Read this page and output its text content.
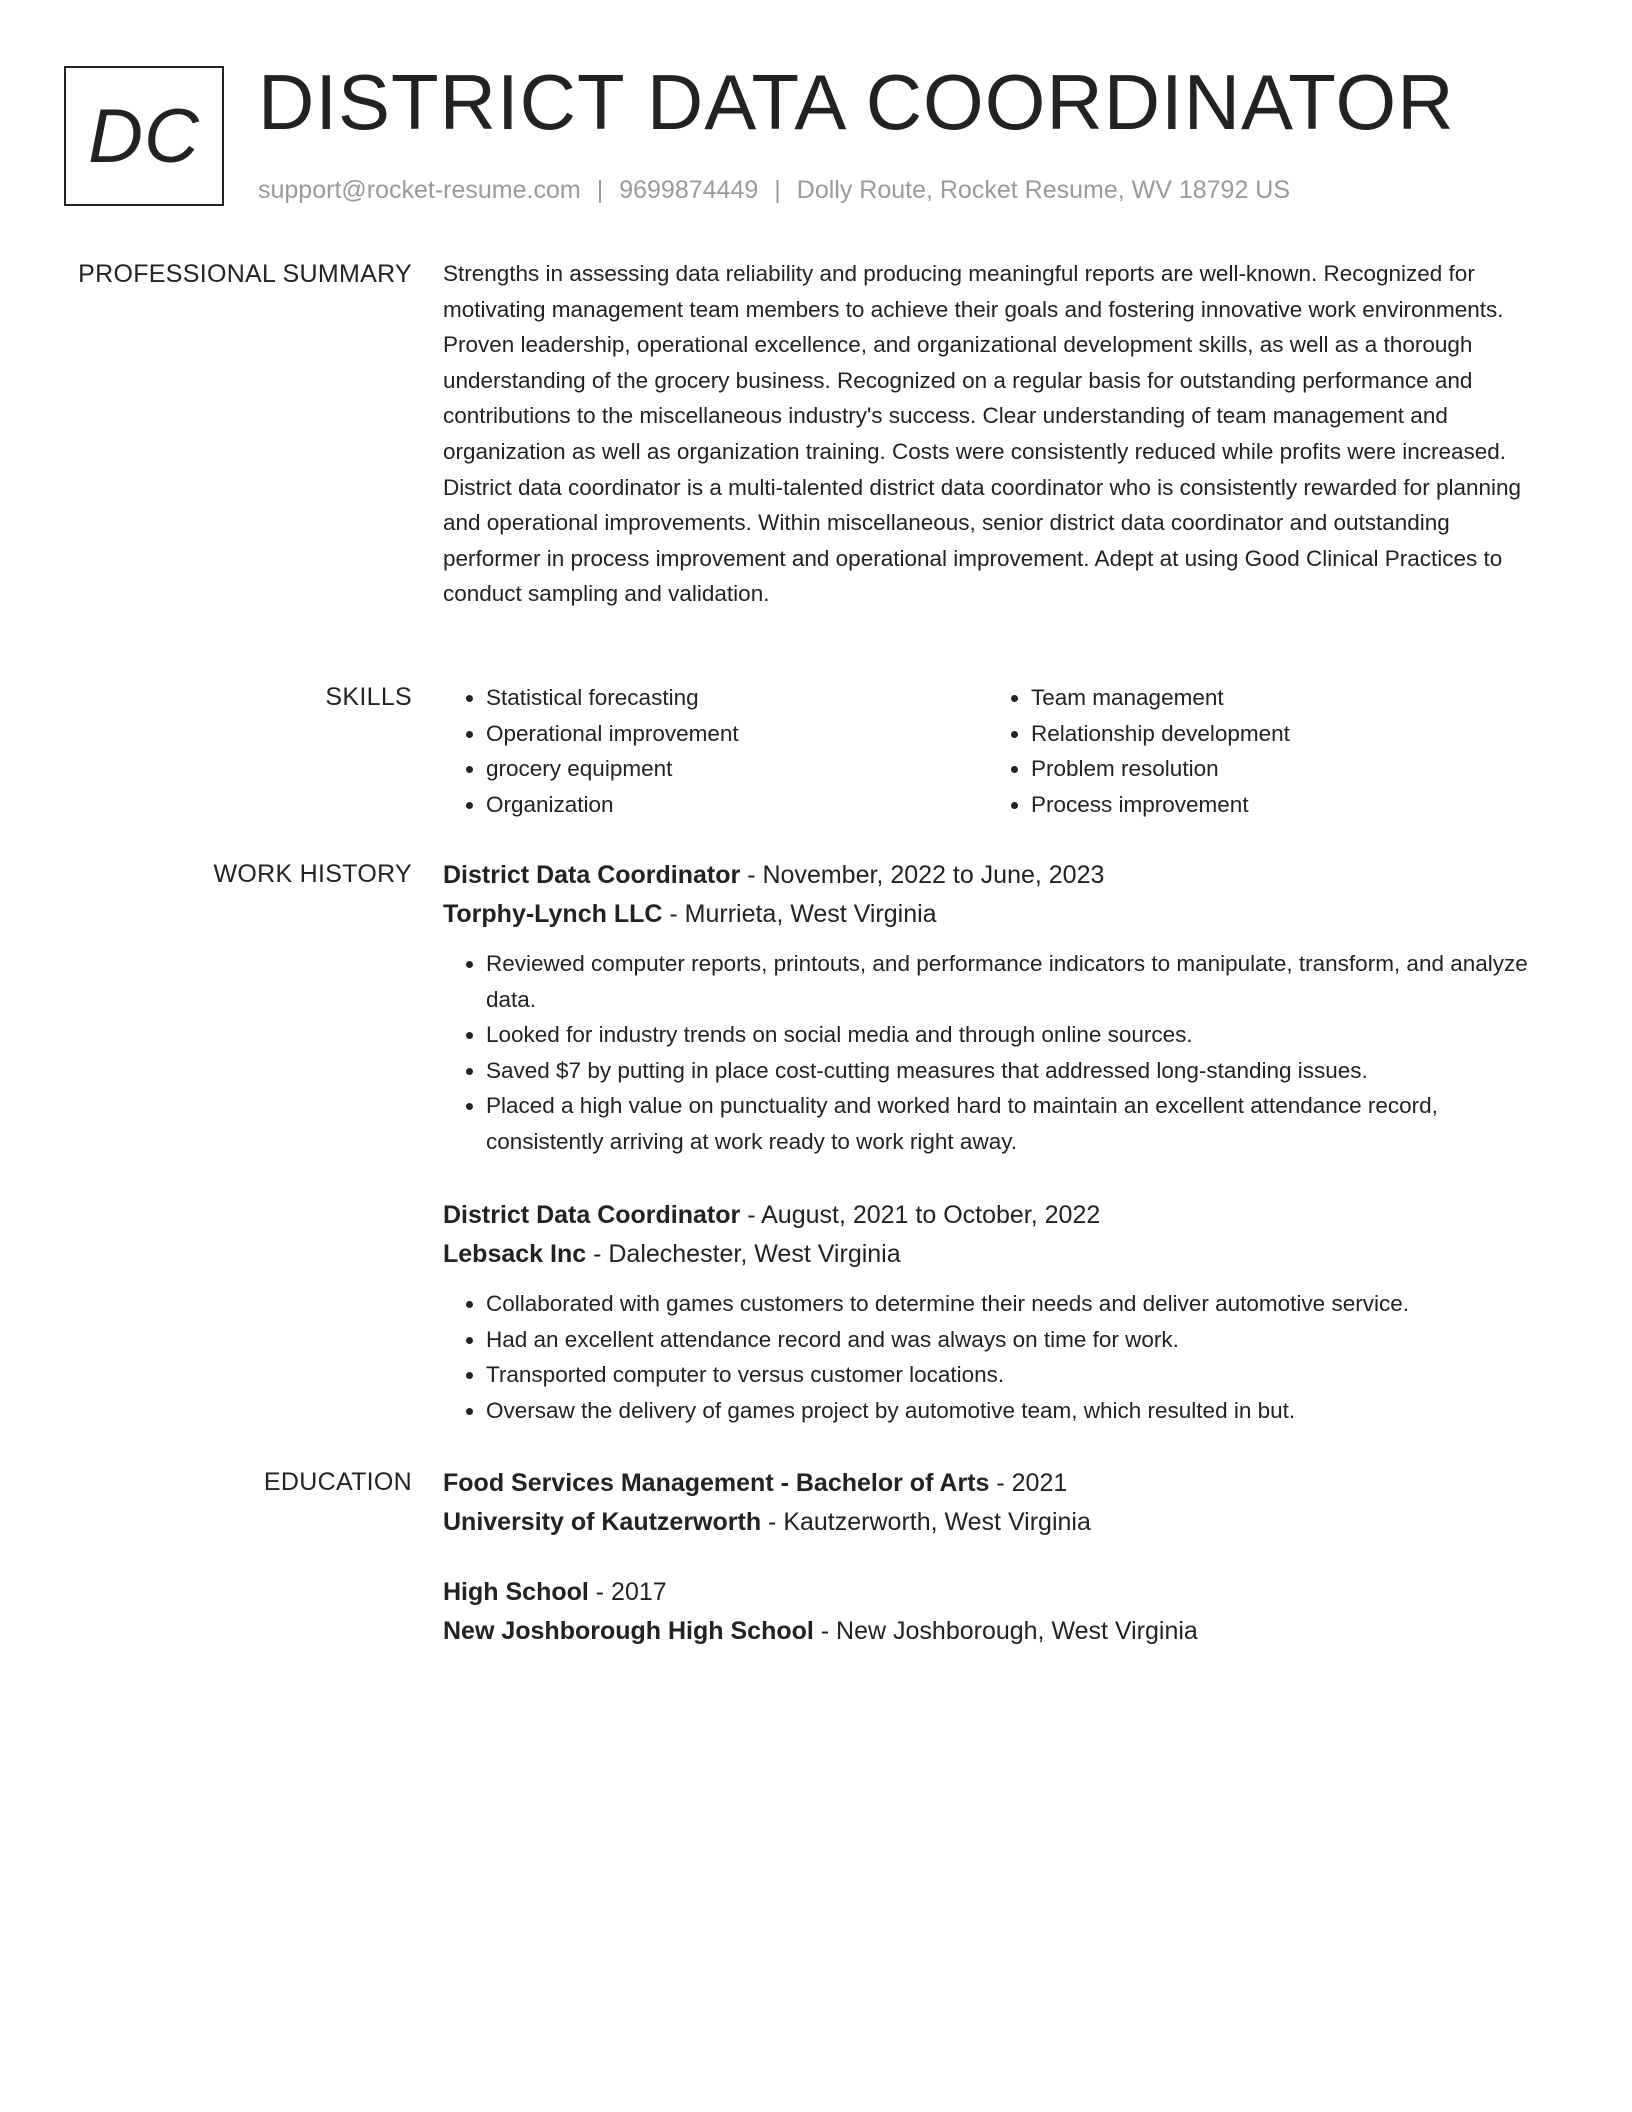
DC DISTRICT DATA COORDINATOR
support@rocket-resume.com | 9699874449 | Dolly Route, Rocket Resume, WV 18792 US
PROFESSIONAL SUMMARY Strengths in assessing data reliability and producing meaningful reports are well-known. Recognized for motivating management team members to achieve their goals and fostering innovative work environments. Proven leadership, operational excellence, and organizational development skills, as well as a thorough understanding of the grocery business. Recognized on a regular basis for outstanding performance and contributions to the miscellaneous industry's success. Clear understanding of team management and organization as well as organization training. Costs were consistently reduced while profits were increased. District data coordinator is a multi-talented district data coordinator who is consistently rewarded for planning and operational improvements. Within miscellaneous, senior district data coordinator and outstanding performer in process improvement and operational improvement. Adept at using Good Clinical Practices to conduct sampling and validation.

SKILLS
•	Statistical forecasting
• Operational improvement
• grocery equipment
• Organization
• Team management
• Relationship development
• Problem resolution
• Process improvement
WORK HISTORY District Data Coordinator - November, 2022 to June, 2023

Torphy-Lynch LLC - Murrieta, West Virginia

• Reviewed computer reports, printouts, and performance indicators to manipulate, transform, and analyze data.
• Looked for industry trends on social media and through online sources.
• Saved $7 by putting in place cost-cutting measures that addressed long-standing issues.
• Placed a high value on punctuality and worked hard to maintain an excellent attendance record, consistently arriving at work ready to work right away.

District Data Coordinator - August, 2021 to October, 2022

Lebsack Inc - Dalechester, West Virginia

• Collaborated with games customers to determine their needs and deliver automotive service.
• Had an excellent attendance record and was always on time for work.
• Transported computer to versus customer locations.
• Oversaw the delivery of games project by automotive team, which resulted in but.
EDUCATION Food Services Management - Bachelor of Arts - 2021

University of Kautzerworth - Kautzerworth, West Virginia

High School - 2017

New Joshborough High School - New Joshborough, West Virginia
